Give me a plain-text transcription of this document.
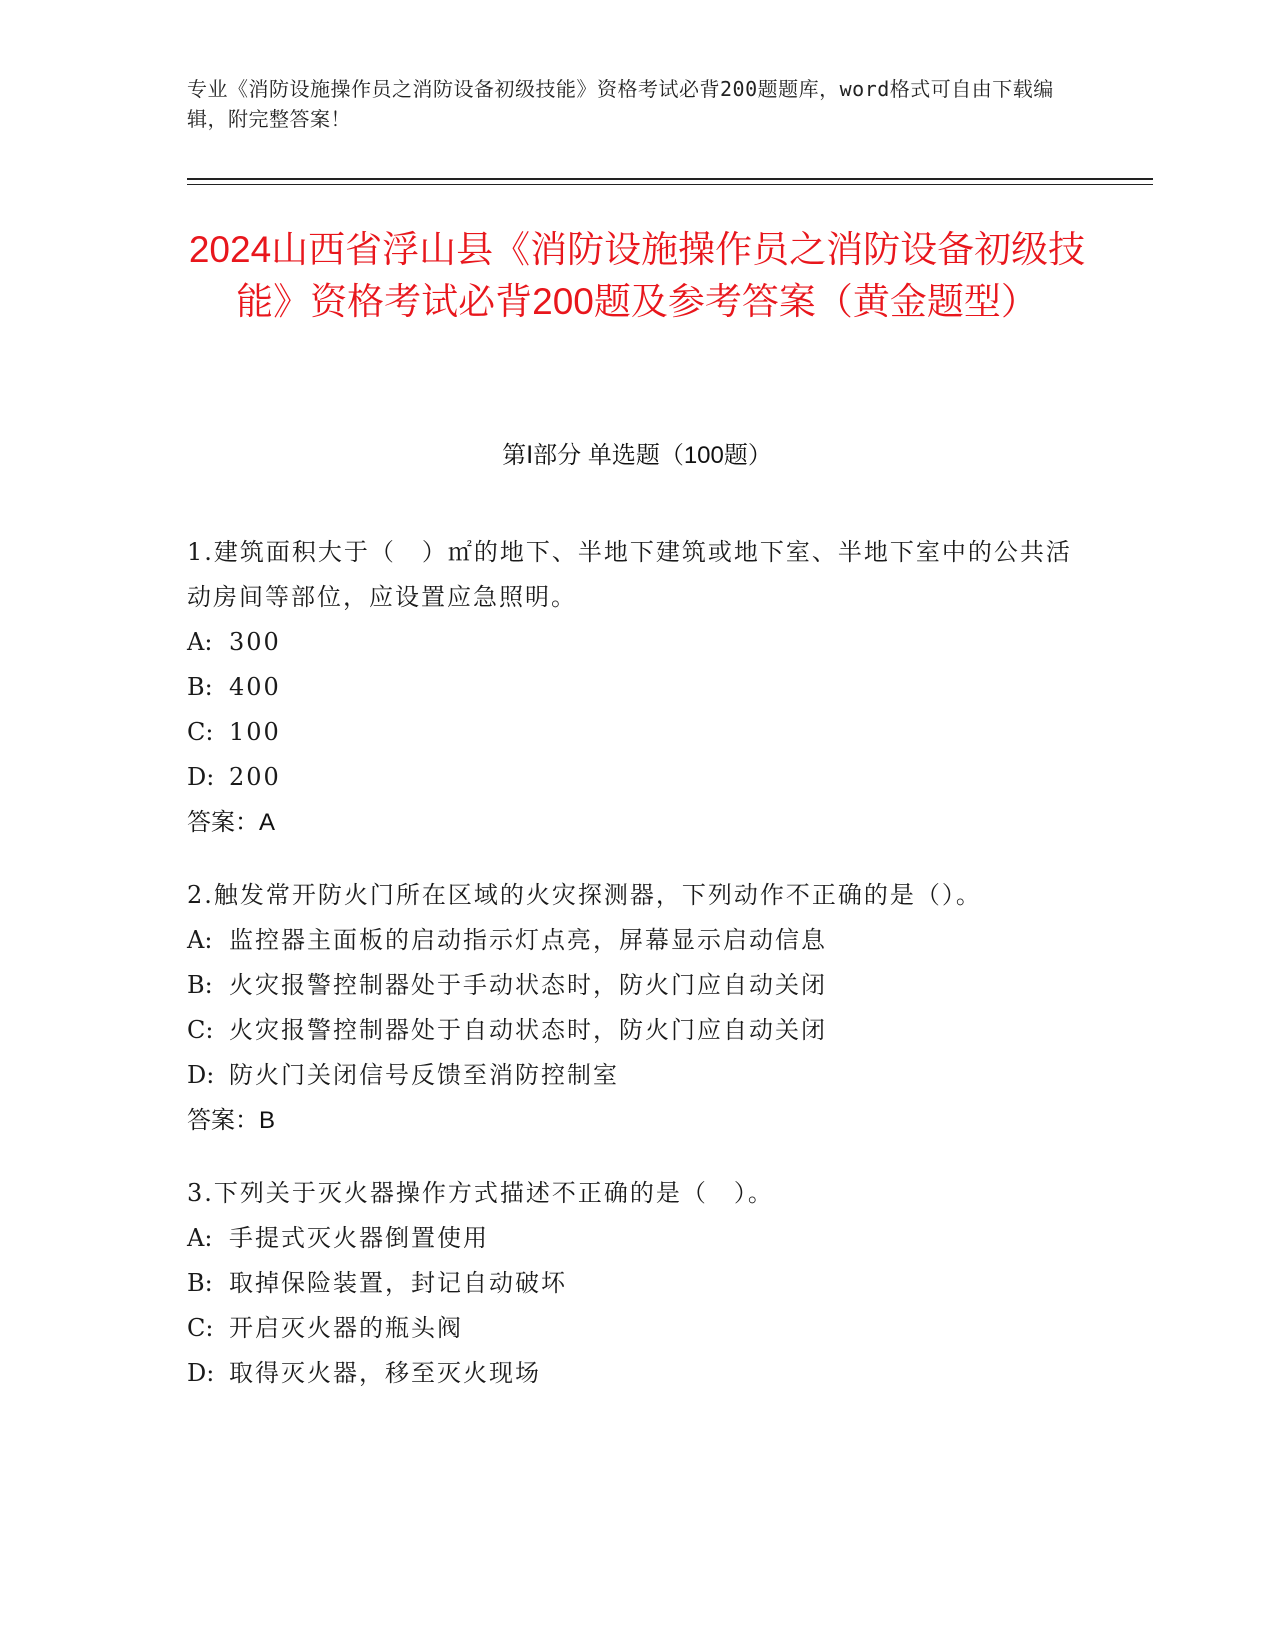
专业《消防设施操作员之消防设备初级技能》资格考试必背200题题库，word格式可自由下载编辑，附完整答案！
2024山西省浮山县《消防设施操作员之消防设备初级技能》资格考试必背200题及参考答案（黄金题型）
第Ⅰ部分 单选题（100题）

1.建筑面积大于（　）㎡的地下、半地下建筑或地下室、半地下室中的公共活动房间等部位，应设置应急照明。

A: 300

B: 400

C: 100

D: 200

答案：A

2.触发常开防火门所在区域的火灾探测器，下列动作不正确的是（）。

A: 监控器主面板的启动指示灯点亮，屏幕显示启动信息

B: 火灾报警控制器处于手动状态时，防火门应自动关闭

C: 火灾报警控制器处于自动状态时，防火门应自动关闭

D: 防火门关闭信号反馈至消防控制室

答案：B

3.下列关于灭火器操作方式描述不正确的是（　）。

A: 手提式灭火器倒置使用

B: 取掉保险装置，封记自动破坏

C: 开启灭火器的瓶头阀

D: 取得灭火器，移至灭火现场
